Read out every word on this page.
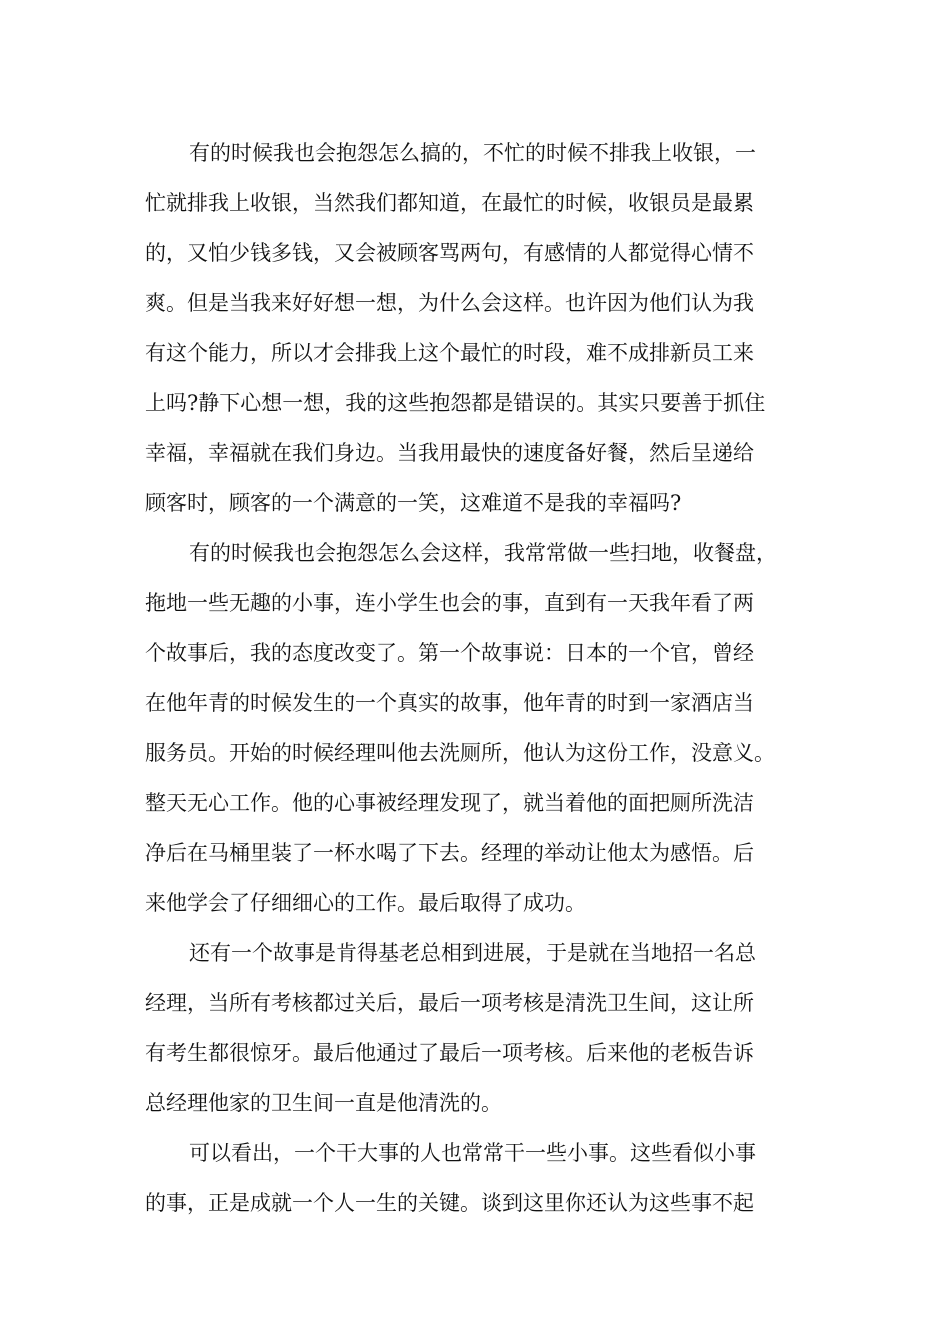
有的时候我也会抱怨怎么搞的，不忙的时候不排我上收银，一
忙就排我上收银，当然我们都知道，在最忙的时候，收银员是最累
的，又怕少钱多钱，又会被顾客骂两句，有感情的人都觉得心情不
爽。但是当我来好好想一想，为什么会这样。也许因为他们认为我
有这个能力，所以才会排我上这个最忙的时段，难不成排新员工来
上吗?静下心想一想，我的这些抱怨都是错误的。其实只要善于抓住
幸福，幸福就在我们身边。当我用最快的速度备好餐，然后呈递给
顾客时，顾客的一个满意的一笑，这难道不是我的幸福吗?
有的时候我也会抱怨怎么会这样，我常常做一些扫地，收餐盘，
拖地一些无趣的小事，连小学生也会的事，直到有一天我年看了两
个故事后，我的态度改变了。第一个故事说：日本的一个官，曾经
在他年青的时候发生的一个真实的故事，他年青的时到一家酒店当
服务员。开始的时候经理叫他去洗厕所，他认为这份工作，没意义。
整天无心工作。他的心事被经理发现了，就当着他的面把厕所洗洁
净后在马桶里装了一杯水喝了下去。经理的举动让他太为感悟。后
来他学会了仔细细心的工作。最后取得了成功。
还有一个故事是肯得基老总相到进展，于是就在当地招一名总
经理，当所有考核都过关后，最后一项考核是清洗卫生间，这让所
有考生都很惊牙。最后他通过了最后一项考核。后来他的老板告诉
总经理他家的卫生间一直是他清洗的。
可以看出，一个干大事的人也常常干一些小事。这些看似小事
的事，正是成就一个人一生的关键。谈到这里你还认为这些事不起
